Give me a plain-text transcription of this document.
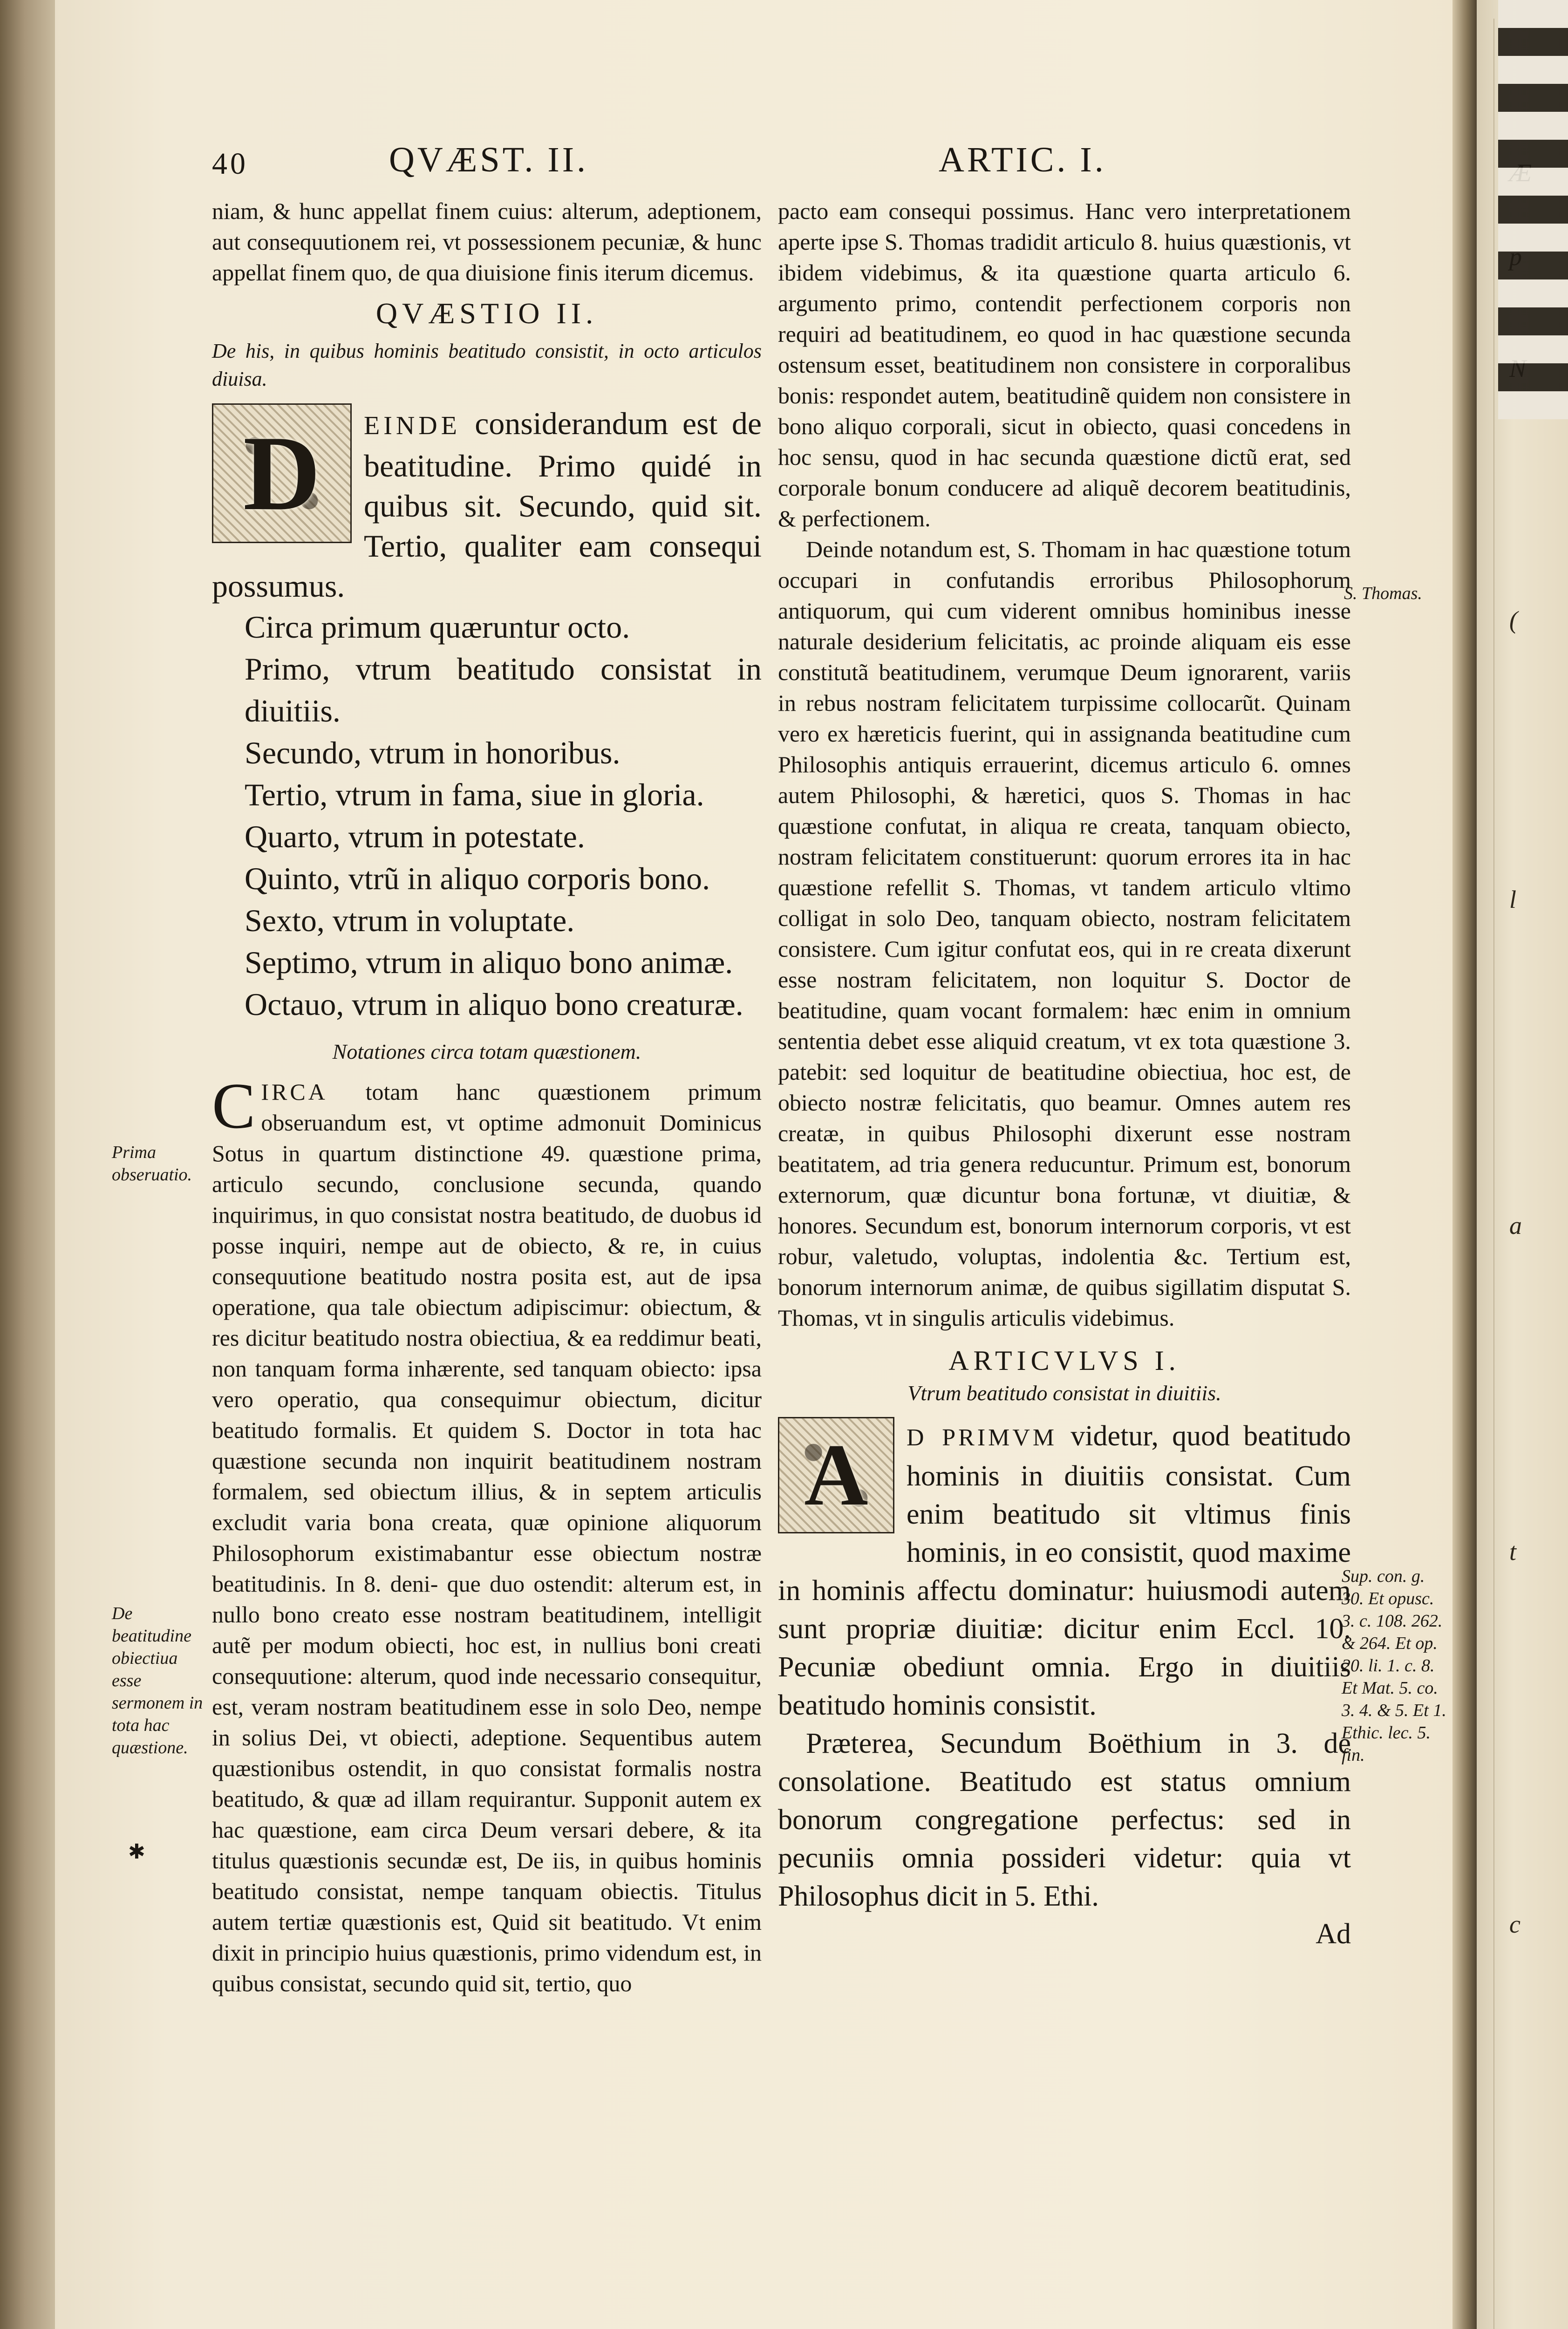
(
l
a
t
c
40	QVÆST. II.	ARTIC. I.

niam, & hunc appellat finem cuius: alterum, adeptionem, aut consequutionem rei, vt possessionem pecuniæ, & hunc appellat finem quo, de qua diuisione finis iterum dicemus.

QVÆSTIO II.

De his, in quibus hominis beatitudo consistit, in octo articulos diuisa.

D	EINDE considerandum est de beatitudine. Primo quidé in quibus sit. Secundo, quid sit. Tertio, qualiter eam consequi possumus.

Circa primum quæruntur octo.

Primo, vtrum beatitudo consistat in diuitiis.

Secundo, vtrum in honoribus.

Tertio, vtrum in fama, siue in gloria.

Quarto, vtrum in potestate.

Quinto, vtrũ in aliquo corporis bono.

Sexto, vtrum in voluptate.

Septimo, vtrum in aliquo bono animæ.

Octauo, vtrum in aliquo bono creaturæ.

Notationes circa totam quæstionem.

CIRCA totam hanc quæstionem primum obseruandum est, vt optime admonuit Dominicus Sotus in quartum distinctione 49. quæstione prima, articulo secundo, conclusione secunda, quando inquirimus, in quo consistat nostra beatitudo, de duobus id posse inquiri, nempe aut de obiecto, & re, in cuius consequutione beatitudo nostra posita est, aut de ipsa operatione, qua tale obiectum adipiscimur: obiectum, & res dicitur beatitudo nostra obiectiua, & ea reddimur beati, non tanquam forma inhærente, sed tanquam obiecto: ipsa vero operatio, qua consequimur obiectum, dicitur beatitudo formalis. Et quidem S. Doctor in tota hac quæstione secunda non inquirit beatitudinem nostram formalem, sed obiectum illius, & in septem articulis excludit varia bona creata, quæ opinione aliquorum Philosophorum existimabantur esse obiectum nostræ beatitudinis. In 8. deni- que duo ostendit: alterum est, in nullo bono creato esse nostram beatitudinem, intelligit autẽ per modum obiecti, hoc est, in nullius boni creati consequutione: alterum, quod inde necessario consequitur, est, veram nostram beatitudinem esse in solo Deo, nempe in solius Dei, vt obiecti, adeptione. Sequentibus autem quæstionibus ostendit, in quo consistat formalis nostra beatitudo, & quæ ad illam requirantur. Supponit autem ex hac quæstione, eam circa Deum versari debere, & ita titulus quæstionis secundæ est, De iis, in quibus hominis beatitudo consistat, nempe tanquam obiectis. Titulus autem tertiæ quæstionis est, Quid sit beatitudo. Vt enim dixit in principio huius quæstionis, primo videndum est, in quibus consistat, secundo quid sit, tertio, quo

pacto eam consequi possimus. Hanc vero interpretationem aperte ipse S. Thomas tradidit articulo 8. huius quæstionis, vt ibidem videbimus, & ita quæstione quarta articulo 6. argumento primo, contendit perfectionem corporis non requiri ad beatitudinem, eo quod in hac quæstione secunda ostensum esset, beatitudinem non consistere in corporalibus bonis: respondet autem, beatitudinẽ quidem non consistere in bono aliquo corporali, sicut in obiecto, quasi concedens in hoc sensu, quod in hac secunda quæstione dictũ erat, sed corporale bonum conducere ad aliquẽ decorem beatitudinis, & perfectionem.

Deinde notandum est, S. Thomam in hac quæstione totum occupari in confutandis erroribus Philosophorum antiquorum, qui cum viderent omnibus hominibus inesse naturale desiderium felicitatis, ac proinde aliquam eis esse constitutã beatitudinem, verumque Deum ignorarent, variis in rebus nostram felicitatem turpissime collocarũt. Quinam vero ex hæreticis fuerint, qui in assignanda beatitudine cum Philosophis antiquis errauerint, dicemus articulo 6. omnes autem Philosophi, & hæretici, quos S. Thomas in hac quæstione confutat, in aliqua re creata, tanquam obiecto, nostram felicitatem constituerunt: quorum errores ita in hac quæstione refellit S. Thomas, vt tandem articulo vltimo colligat in solo Deo, tanquam obiecto, nostram felicitatem consistere. Cum igitur confutat eos, qui in re creata dixerunt esse nostram felicitatem, non loquitur S. Doctor de beatitudine, quam vocant formalem: hæc enim in omnium sententia debet esse aliquid creatum, vt ex tota quæstione 3. patebit: sed loquitur de beatitudine obiectiua, hoc est, de obiecto nostræ felicitatis, quo beamur. Omnes autem res creatæ, in quibus Philosophi dixerunt esse nostram beatitatem, ad tria genera reducuntur. Primum est, bonorum externorum, quæ dicuntur bona fortunæ, vt diuitiæ, & honores. Secundum est, bonorum internorum corporis, vt est robur, valetudo, voluptas, indolentia &c. Tertium est, bonorum internorum animæ, de quibus sigillatim disputat S. Thomas, vt in singulis articulis videbimus.

ARTICVLVS I.

Vtrum beatitudo consistat in diuitiis.

A	D PRIMVM videtur, quod beatitudo hominis in diuitiis consistat. Cum enim beatitudo sit vltimus finis hominis, in eo consistit, quod maxime in hominis affectu dominatur: huiusmodi autem sunt propriæ diuitiæ: dicitur enim Eccl. 10. Pecuniæ obediunt omnia. Ergo in diuitiis beatitudo hominis consistit.

Præterea, Secundum Boëthium in 3. de consolatione. Beatitudo est status omnium bonorum congregatione perfectus: sed in pecuniis omnia possideri videtur: quia vt Philosophus dicit in 5. Ethi.

Ad

Prima obseruatio.
De beatitudine obiectiua esse sermonem in tota hac quæstione.
✱
S. Thomas.
Sup. con. g. 30. Et opusc. 3. c. 108. 262. & 264. Et op. 20. li. 1. c. 8. Et Mat. 5. co. 3. 4. & 5. Et 1. Ethic. lec. 5. fin.
